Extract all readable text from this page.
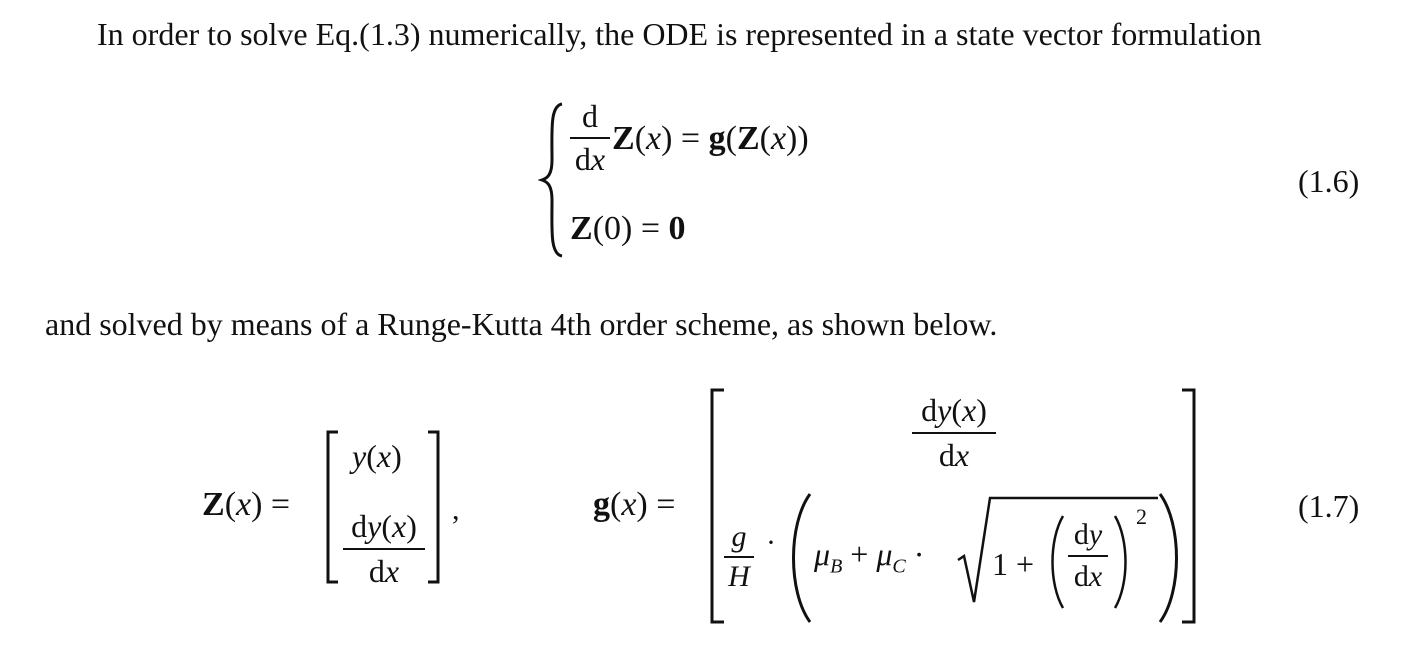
In order to solve Eq.(1.3) numerically, the ODE is represented in a state vector formulation
d
dx
Z(x) = g(Z(x))
Z(0) = 0
(1.6)
and solved by means of a Runge-Kutta 4th order scheme, as shown below.
Z(x) =
y(x)
dy(x)
dx
,	g(x) =
dy(x)
dx
g
H
· $\mu_B + \mu_C \cdot 1$ +
dy
dx
2	(1.7)
